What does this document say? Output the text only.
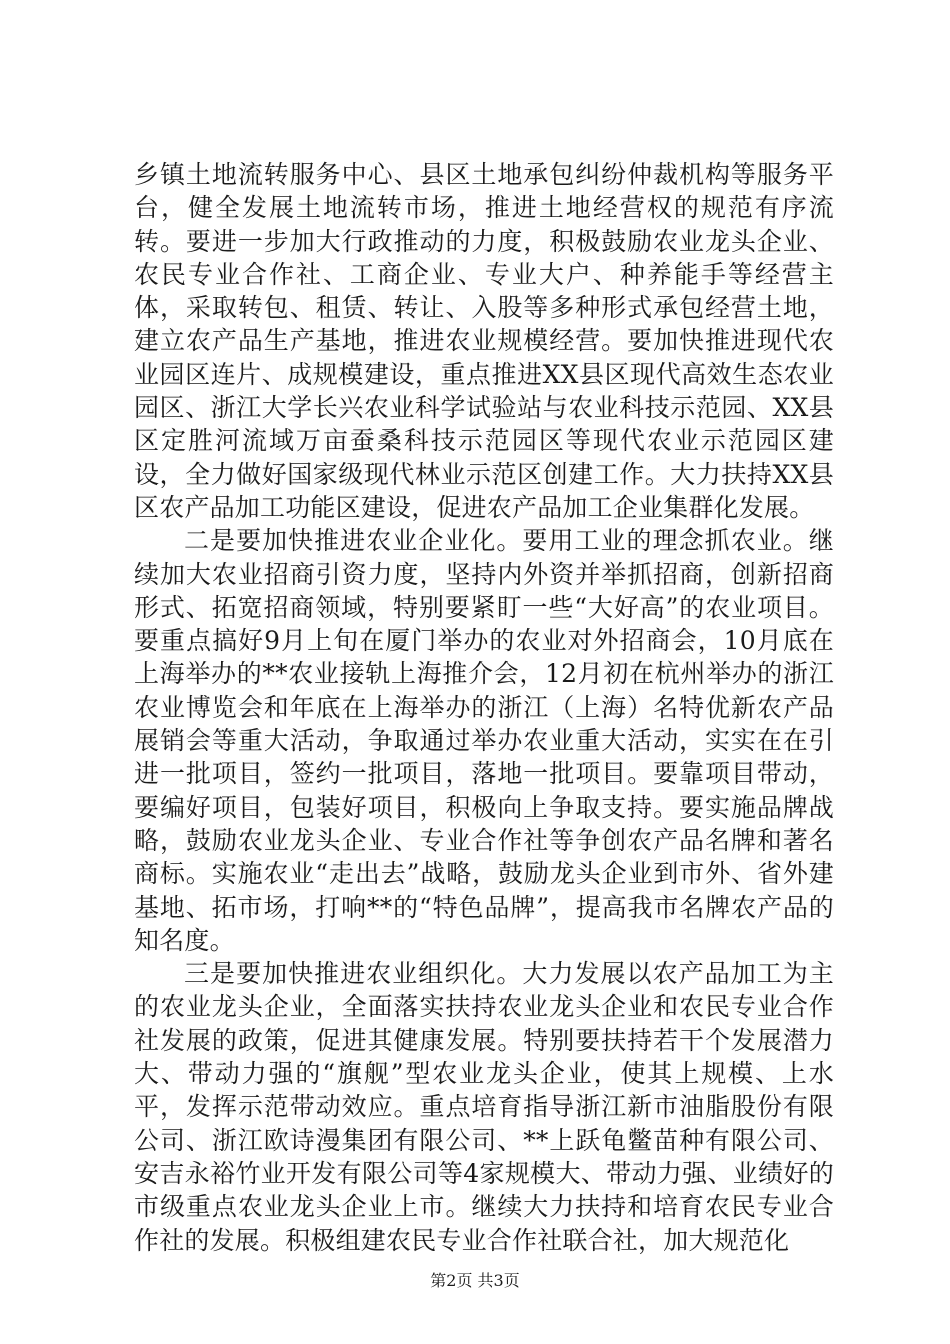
乡镇土地流转服务中心、县区土地承包纠纷仲裁机构等服务平台，健全发展土地流转市场，推进土地经营权的规范有序流转。要进一步加大行政推动的力度，积极鼓励农业龙头企业、农民专业合作社、工商企业、专业大户、种养能手等经营主体，采取转包、租赁、转让、入股等多种形式承包经营土地，建立农产品生产基地，推进农业规模经营。要加快推进现代农业园区连片、成规模建设，重点推进XX县区现代高效生态农业园区、浙江大学长兴农业科学试验站与农业科技示范园、XX县区定胜河流域万亩蚕桑科技示范园区等现代农业示范园区建设，全力做好国家级现代林业示范区创建工作。大力扶持XX县区农产品加工功能区建设，促进农产品加工企业集群化发展。

二是要加快推进农业企业化。要用工业的理念抓农业。继续加大农业招商引资力度，坚持内外资并举抓招商，创新招商形式、拓宽招商领域，特别要紧盯一些“大好高”的农业项目。要重点搞好9月上旬在厦门举办的农业对外招商会，10月底在上海举办的**农业接轨上海推介会，12月初在杭州举办的浙江农业博览会和年底在上海举办的浙江（上海）名特优新农产品展销会等重大活动，争取通过举办农业重大活动，实实在在引进一批项目，签约一批项目，落地一批项目。要靠项目带动，要编好项目，包装好项目，积极向上争取支持。要实施品牌战略，鼓励农业龙头企业、专业合作社等争创农产品名牌和著名商标。实施农业“走出去”战略，鼓励龙头企业到市外、省外建基地、拓市场，打响**的“特色品牌”，提高我市名牌农产品的知名度。

三是要加快推进农业组织化。大力发展以农产品加工为主的农业龙头企业，全面落实扶持农业龙头企业和农民专业合作社发展的政策，促进其健康发展。特别要扶持若干个发展潜力大、带动力强的“旗舰”型农业龙头企业，使其上规模、上水平，发挥示范带动效应。重点培育指导浙江新市油脂股份有限公司、浙江欧诗漫集团有限公司、**上跃龟鳖苗种有限公司、安吉永裕竹业开发有限公司等4家规模大、带动力强、业绩好的市级重点农业龙头企业上市。继续大力扶持和培育农民专业合作社的发展。积极组建农民专业合作社联合社，加大规范化

第2页 共3页
